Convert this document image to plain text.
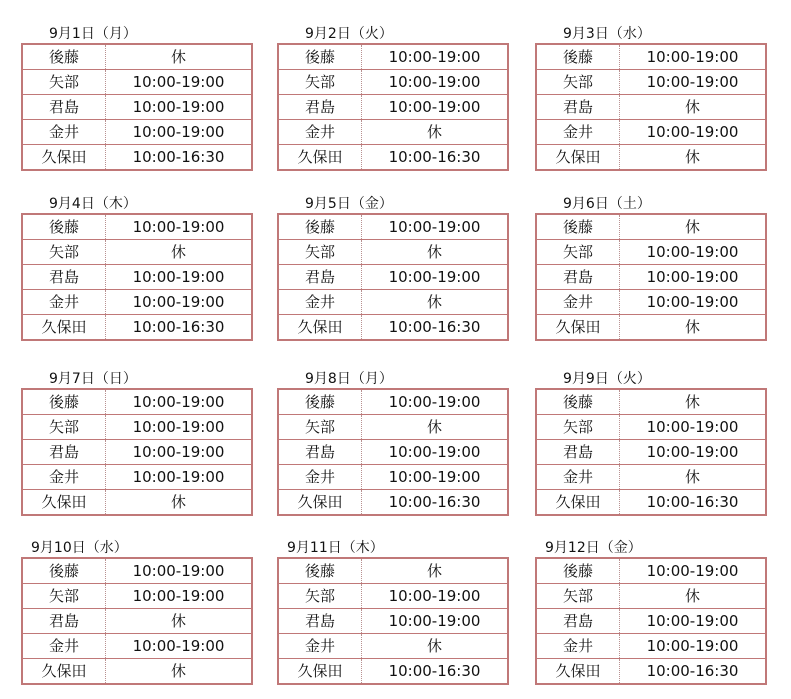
9月1日（月）
後藤	休
矢部	10:00-19:00
君島	10:00-19:00
金井	10:00-19:00
久保田	10:00-16:30
9月2日（火）
後藤	10:00-19:00
矢部	10:00-19:00
君島	10:00-19:00
金井	休
久保田	10:00-16:30
9月3日（水）
後藤	10:00-19:00
矢部	10:00-19:00
君島	休
金井	10:00-19:00
久保田	休
9月4日（木）
後藤	10:00-19:00
矢部	休
君島	10:00-19:00
金井	10:00-19:00
久保田	10:00-16:30
9月5日（金）
後藤	10:00-19:00
矢部	休
君島	10:00-19:00
金井	休
久保田	10:00-16:30
9月6日（土）
後藤	休
矢部	10:00-19:00
君島	10:00-19:00
金井	10:00-19:00
久保田	休
9月7日（日）
後藤	10:00-19:00
矢部	10:00-19:00
君島	10:00-19:00
金井	10:00-19:00
久保田	休
9月8日（月）
後藤	10:00-19:00
矢部	休
君島	10:00-19:00
金井	10:00-19:00
久保田	10:00-16:30
9月9日（火）
後藤	休
矢部	10:00-19:00
君島	10:00-19:00
金井	休
久保田	10:00-16:30
9月10日（水）
後藤	10:00-19:00
矢部	10:00-19:00
君島	休
金井	10:00-19:00
久保田	休
9月11日（木）
後藤	休
矢部	10:00-19:00
君島	10:00-19:00
金井	休
久保田	10:00-16:30
9月12日（金）
後藤	10:00-19:00
矢部	休
君島	10:00-19:00
金井	10:00-19:00
久保田	10:00-16:30
